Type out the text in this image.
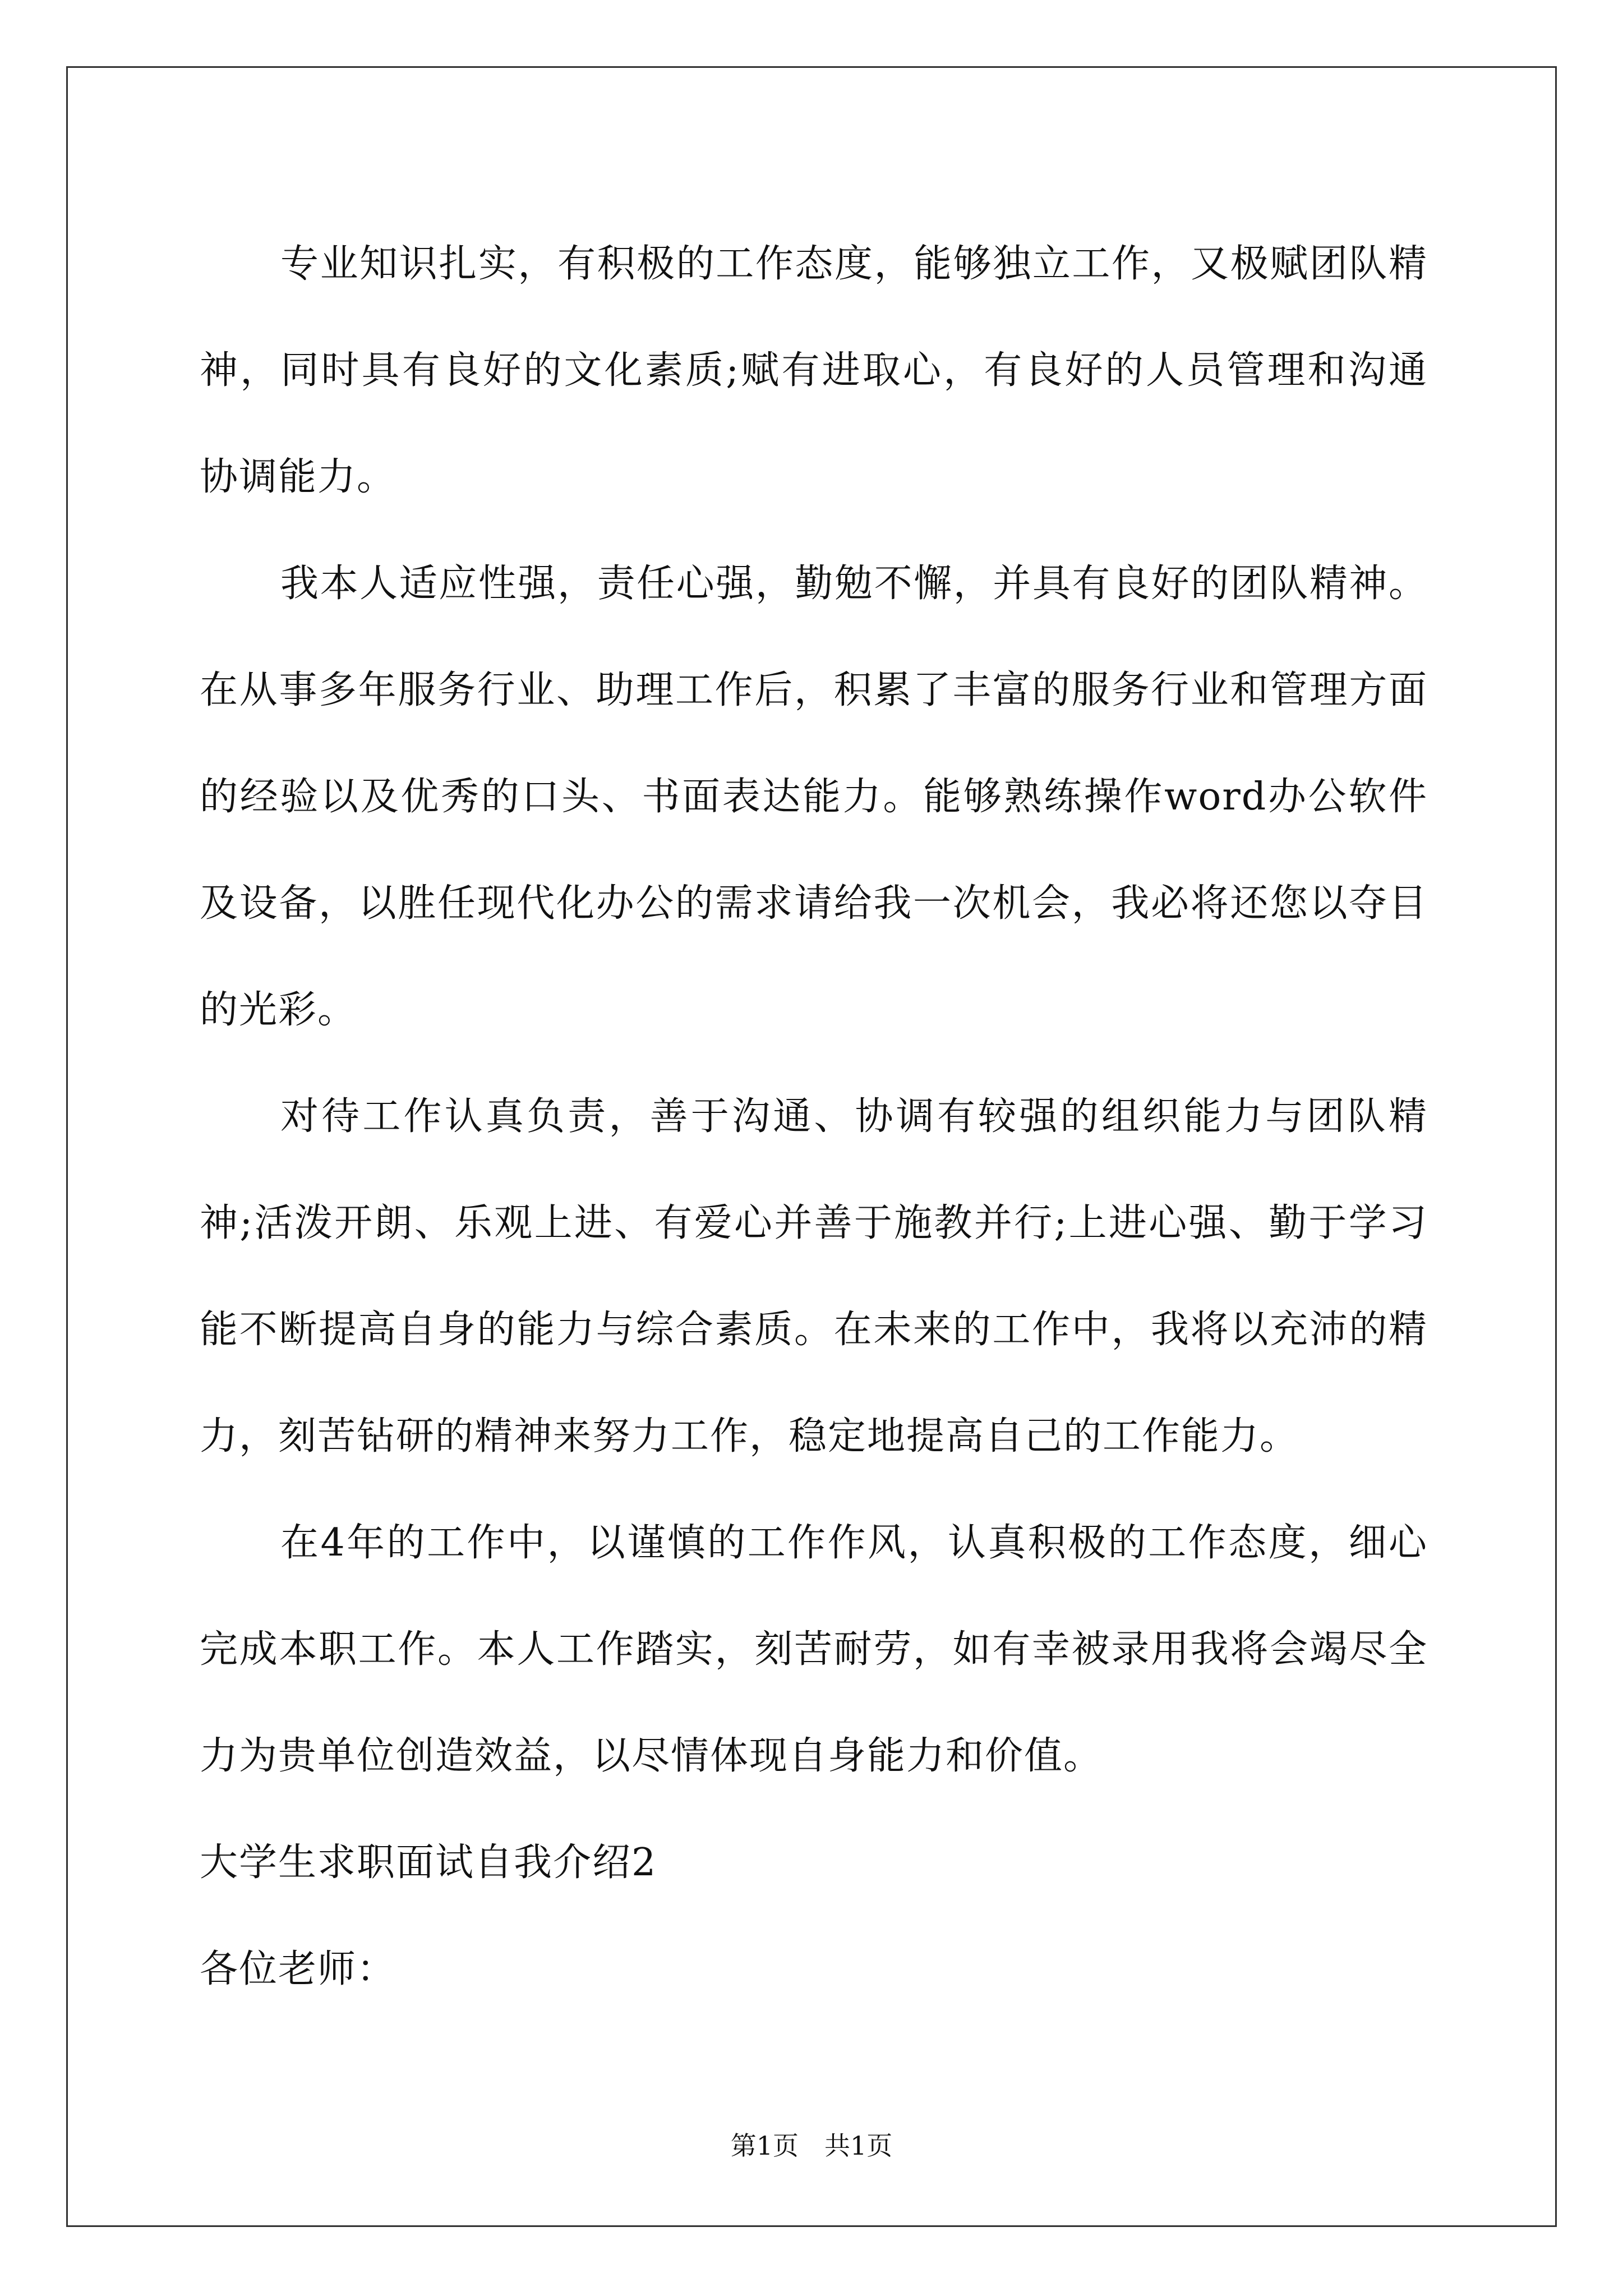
专业知识扎实，有积极的工作态度，能够独立工作，又极赋团队精神，同时具有良好的文化素质;赋有进取心，有良好的人员管理和沟通协调能力。

我本人适应性强，责任心强，勤勉不懈，并具有良好的团队精神。在从事多年服务行业、助理工作后，积累了丰富的服务行业和管理方面的经验以及优秀的口头、书面表达能力。能够熟练操作word办公软件及设备，以胜任现代化办公的需求请给我一次机会，我必将还您以夺目的光彩。

对待工作认真负责，善于沟通、协调有较强的组织能力与团队精神;活泼开朗、乐观上进、有爱心并善于施教并行;上进心强、勤于学习能不断提高自身的能力与综合素质。在未来的工作中，我将以充沛的精力，刻苦钻研的精神来努力工作，稳定地提高自己的工作能力。

在4年的工作中，以谨慎的工作作风，认真积极的工作态度，细心完成本职工作。本人工作踏实，刻苦耐劳，如有幸被录用我将会竭尽全力为贵单位创造效益，以尽情体现自身能力和价值。

大学生求职面试自我介绍2

各位老师：

第1页 共1页
